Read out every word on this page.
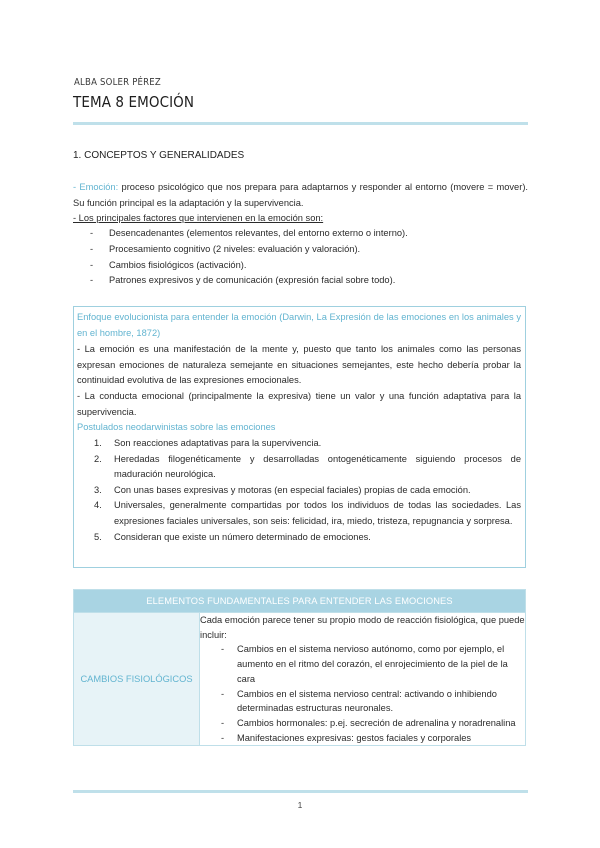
ALBA SOLER PÉREZ
TEMA 8 EMOCIÓN
1. CONCEPTOS Y GENERALIDADES
- Emoción: proceso psicológico que nos prepara para adaptarnos y responder al entorno (movere = mover). Su función principal es la adaptación y la supervivencia.
- Los principales factores que intervienen en la emoción son:
- Desencadenantes (elementos relevantes, del entorno externo o interno).
- Procesamiento cognitivo (2 niveles: evaluación y valoración).
- Cambios fisiológicos (activación).
- Patrones expresivos y de comunicación (expresión facial sobre todo).
Enfoque evolucionista para entender la emoción (Darwin, La Expresión de las emociones en los animales y en el hombre, 1872)
- La emoción es una manifestación de la mente y, puesto que tanto los animales como las personas expresan emociones de naturaleza semejante en situaciones semejantes, este hecho debería probar la continuidad evolutiva de las expresiones emocionales.
- La conducta emocional (principalmente la expresiva) tiene un valor y una función adaptativa para la supervivencia.
Postulados neodarwinistas sobre las emociones
1. Son reacciones adaptativas para la supervivencia.
2. Heredadas filogenéticamente y desarrolladas ontogenéticamente siguiendo procesos de maduración neurológica.
3. Con unas bases expresivas y motoras (en especial faciales) propias de cada emoción.
4. Universales, generalmente compartidas por todos los individuos de todas las sociedades. Las expresiones faciales universales, son seis: felicidad, ira, miedo, tristeza, repugnancia y sorpresa.
5. Consideran que existe un número determinado de emociones.
ELEMENTOS FUNDAMENTALES PARA ENTENDER LAS EMOCIONES
CAMBIOS FISIOLÓGICOS	
Cada emoción parece tener su propio modo de reacción fisiológica, que puede incluir:
- Cambios en el sistema nervioso autónomo, como por ejemplo, el aumento en el ritmo del corazón, el enrojecimiento de la piel de la cara
- Cambios en el sistema nervioso central: activando o inhibiendo determinadas estructuras neuronales.
- Cambios hormonales: p.ej. secreción de adrenalina y noradrenalina
- Manifestaciones expresivas: gestos faciales y corporales
1
